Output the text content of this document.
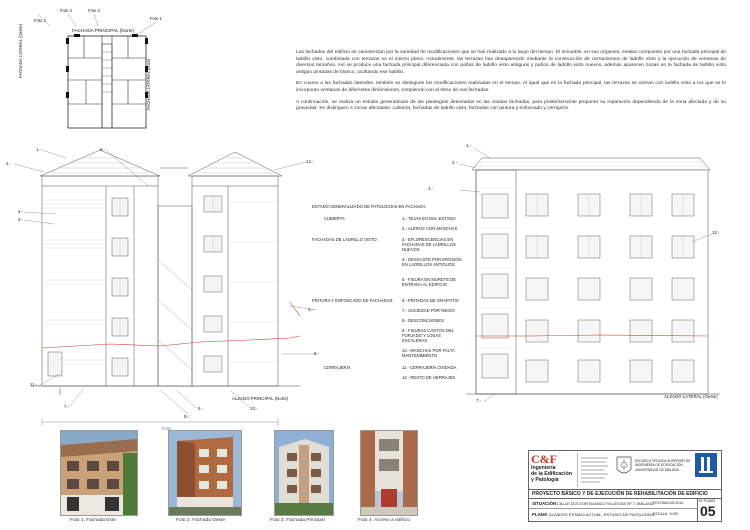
Foto 3	Foto 4
Foto 2	Foto 1
FACHADA PRINCIPAL (Norte)
FACHADA LATERAL (Oeste)
FACHADA LATERAL (Este)

Las fachadas del edificio se caracterizan por la variedad de modificaciones que se han realizado a lo largo del tiempo. El inmueble, en sus orígenes, estaba compuesto por una fachada principal de ladrillo visto, combinada con terrazas en el mismo plano. Actualmente, las terrazas han desaparecido mediante la construcción de cerramientos de ladrillo visto y la ejecución de ventanas de diversos tamaños. Así se produce una fachada principal diferenciada con paños de ladrillo visto antiguos y paños de ladrillo visto nuevos, además aparecen zonas en la fachada de ladrillo visto antiguo pintadas de blanco, ocultando ese ladrillo.

En cuanto a las fachadas laterales, también se distinguen las modificaciones realizadas en el tiempo. Al igual que en la fachada principal, las terrazas se cierran con ladrillo visto a los que se le incorporan ventanas de diferentes dimensiones, rompiendo con el ritmo de sus fachadas.

A continuación, se realiza un estudio generalizado de las patologías detectadas en las citadas fachadas, para posteriormente proponer su reparación dependiendo de la zona afectada y de su gravedad. Se distinguen 4 zonas afectadas: cubierta, fachadas de ladrillo visto, fachadas con pintura y enfoscado y cerrajería.

1.-
2.-
9.-
12.-
4.-
3.-
4.-
6.-
11.-
7.-	5.-
8.-
10.-
ALZADO PRINCIPAL (Norte)
0.5m
ESTADO GENERALIZADO DE PATOLOGÍAS EN FACHADA:
CUBIERTA	1.- TEJAS EN MAL ESTADO
2.- ALEROS CON MANCHAS
FACHADAS DE LADRILLO VISTO:	3.- EFLORESCENCIAS EN FACHADAS DE LADRILLOS NUEVOS
4.- DESGASTE POR EROSIÓN EN LADRILLOS ANTIGUOS
5.- FISURA EN MURETE DE ENTRADA AL EDIFICIO
PINTURA Y ENFOSCADO DE FACHADAS: 6.- PINTADAS DE GRAFFITIS
7.- SUCIEDAD POR RIEGO
8.- DESCONCHONES
9.- FISURAS CANTOS DEL FORJADO Y LOSAS ESCALERAS
10.- MANCHAS POR FALTA MANTENIMIENTO
CERRAJERÍA	11.- CERRAJERÍA OXIDADA
12.- RESTO DE HERRAJES
1.-
2.-
4.-
12.-
7.-
ALZADO LATERAL (Oeste)
Foto 1. Fachada Este	Foto 2. Fachada Oeste	Foto 3. Fachada Principal	Foto 4. Acceso a edificio
C&F
Ingeniería
de la Edificación
y Patología
ESCUELA TÉCNICA SUPERIOR DE INGENIERÍA DE EDIFICACIÓN
UNIVERSIDAD DE MÁLAGA
PROYECTO BÁSICO Y DE EJECUCIÓN DE REHABILITACIÓN DE EDIFICIO
SITUACIÓN CALLE DOCTOR BLANCO VILLEGAS Nº 7, MÁLAGA FECHA 03-05-2014
PLANO ALZADOS ESTADO ACTUAL. ESTUDIO DE PATOLOGÍAS
ESCALA 1/100
Nº PLANO
05
